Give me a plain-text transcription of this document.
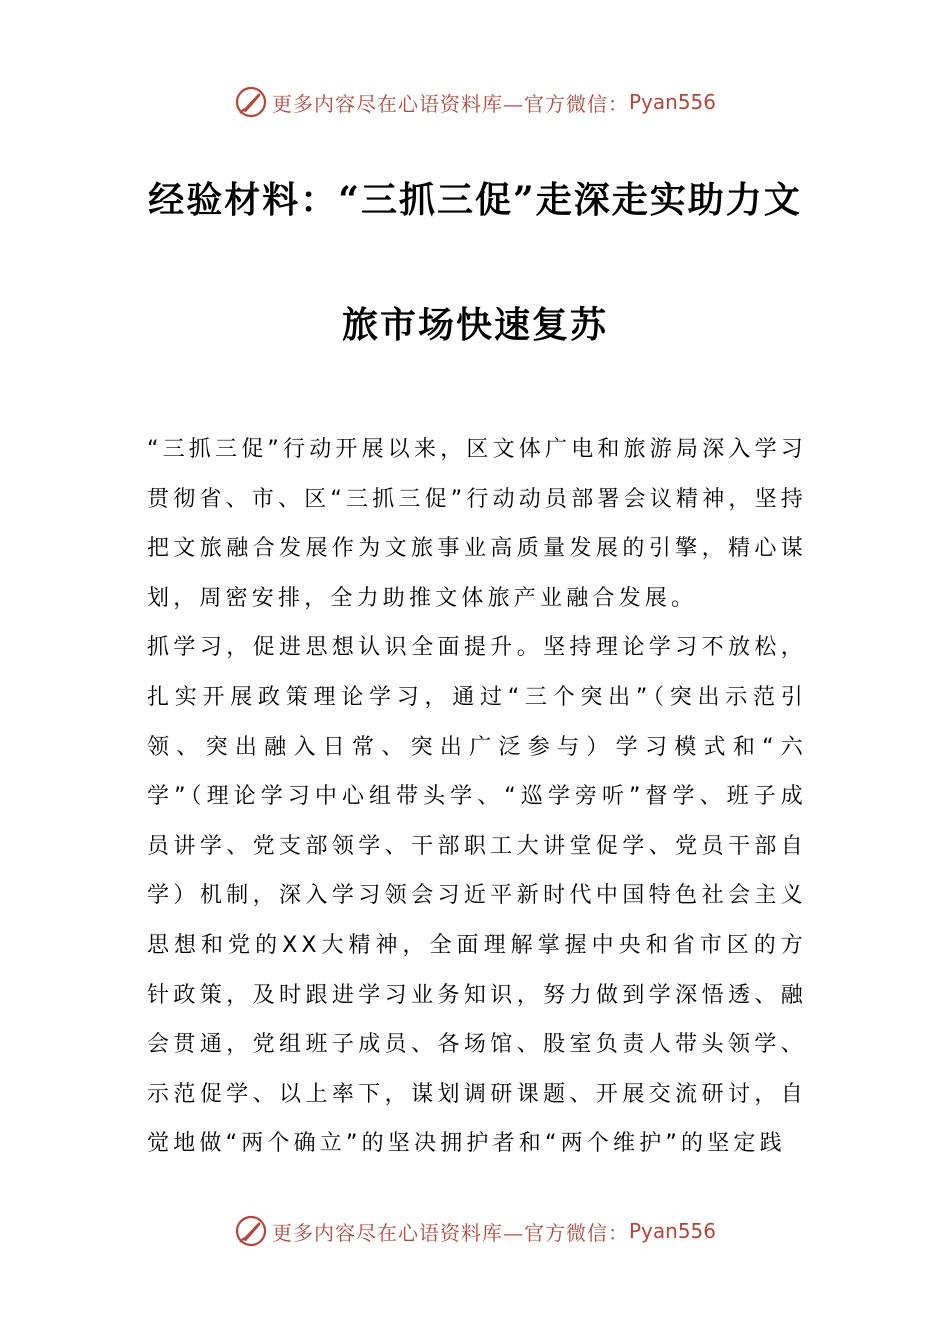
更多内容尽在心语资料库—官方微信： Pyan556
经验材料：“三抓三促”走深走实助力文
旅市场快速复苏

“三抓三促”行动开展以来，区文体广电和旅游局深入学习贯彻省、市、区“三抓三促”行动动员部署会议精神，坚持把文旅融合发展作为文旅事业高质量发展的引擎，精心谋划，周密安排，全力助推文体旅产业融合发展。

抓学习，促进思想认识全面提升。坚持理论学习不放松，扎实开展政策理论学习，通过“三个突出”（突出示范引领、突出融入日常、突出广泛参与）学习模式和“六学”（理论学习中心组带头学、“巡学旁听”督学、班子成员讲学、党支部领学、干部职工大讲堂促学、党员干部自学）机制，深入学习领会习近平新时代中国特色社会主义思想和党的XX大精神，全面理解掌握中央和省市区的方针政策，及时跟进学习业务知识，努力做到学深悟透、融会贯通，党组班子成员、各场馆、股室负责人带头领学、示范促学、以上率下，谋划调研课题、开展交流研讨，自觉地做“两个确立”的坚决拥护者和“两个维护”的坚定践

更多内容尽在心语资料库—官方微信： Pyan556
